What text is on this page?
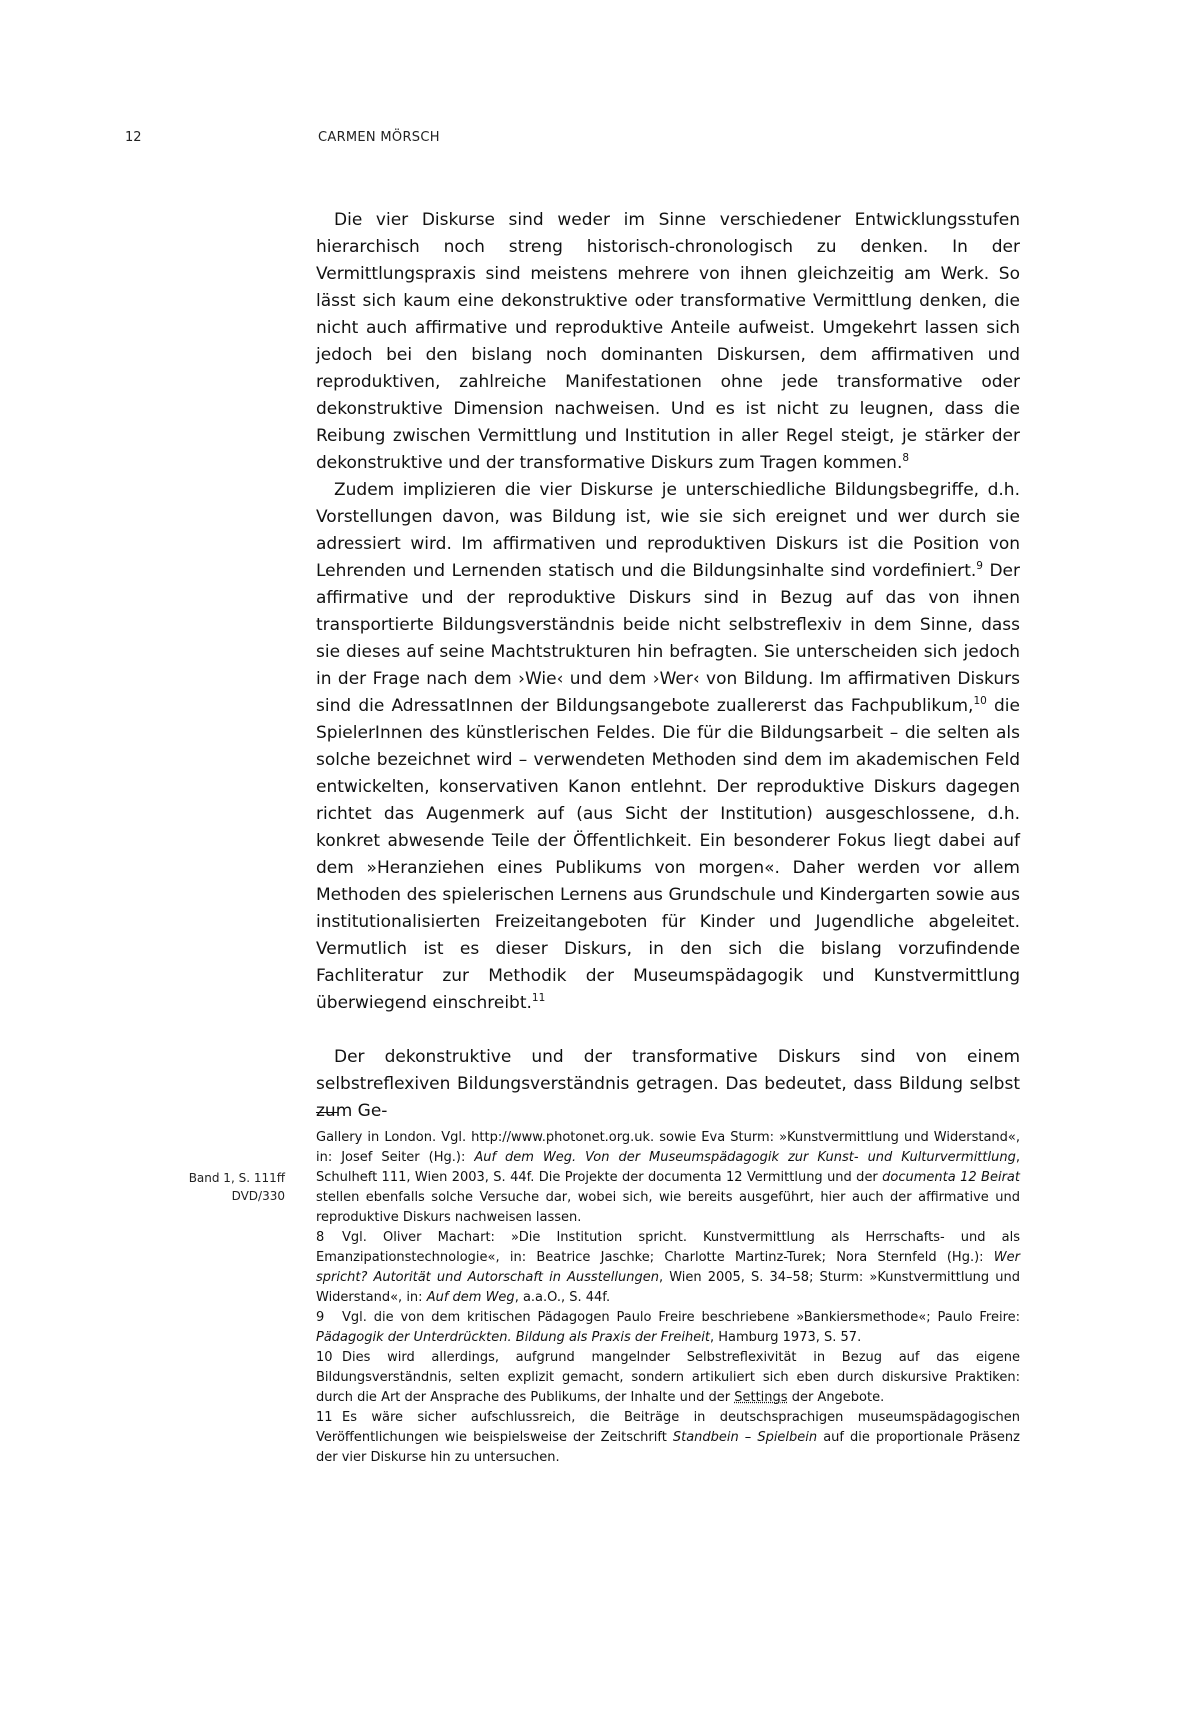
12	CARMEN MÖRSCH

Die vier Diskurse sind weder im Sinne verschiedener Entwicklungsstufen hierarchisch noch streng historisch-chronologisch zu denken. In der Vermittlungspraxis sind meistens mehrere von ihnen gleichzeitig am Werk. So lässt sich kaum eine dekonstruktive oder transformative Vermittlung denken, die nicht auch affirmative und reproduktive Anteile aufweist. Umgekehrt lassen sich jedoch bei den bislang noch dominanten Diskursen, dem affirmativen und reproduktiven, zahlreiche Manifestationen ohne jede transformative oder dekonstruktive Dimension nachweisen. Und es ist nicht zu leugnen, dass die Reibung zwischen Vermittlung und Institution in aller Regel steigt, je stärker der dekonstruktive und der transformative Diskurs zum Tragen kommen.$^8$

Zudem implizieren die vier Diskurse je unterschiedliche Bildungsbegriffe, d.h. Vorstellungen davon, was Bildung ist, wie sie sich ereignet und wer durch sie adressiert wird. Im affirmativen und reproduktiven Diskurs ist die Position von Lehrenden und Lernenden statisch und die Bildungsinhalte sind vordefiniert.$^9$ Der affirmative und der reproduktive Diskurs sind in Bezug auf das von ihnen transportierte Bildungsverständnis beide nicht selbstreflexiv in dem Sinne, dass sie dieses auf seine Machtstrukturen hin befragten. Sie unterscheiden sich jedoch in der Frage nach dem ›Wie‹ und dem ›Wer‹ von Bildung. Im affirmativen Diskurs sind die AdressatInnen der Bildungsangebote zuallererst das Fachpublikum,$^{10}$ die SpielerInnen des künstlerischen Feldes. Die für die Bildungsarbeit – die selten als solche bezeichnet wird – verwendeten Methoden sind dem im akademischen Feld entwickelten, konservativen Kanon entlehnt. Der reproduktive Diskurs dagegen richtet das Augenmerk auf (aus Sicht der Institution) ausgeschlossene, d.h. konkret abwesende Teile der Öffentlichkeit. Ein besonderer Fokus liegt dabei auf dem »Heranziehen eines Publikums von morgen«. Daher werden vor allem Methoden des spielerischen Lernens aus Grundschule und Kindergarten sowie aus institutionalisierten Freizeitangeboten für Kinder und Jugendliche abgeleitet. Vermutlich ist es dieser Diskurs, in den sich die bislang vorzufindende Fachliteratur zur Methodik der Museumspädagogik und Kunstvermittlung überwiegend einschreibt.$^{11}$

Der dekonstruktive und der transformative Diskurs sind von einem selbstreflexiven Bildungsverständnis getragen. Das bedeutet, dass Bildung selbst zum Ge-

Band 1, S. 111ff
DVD/330

Gallery in London. Vgl. http://www.photonet.org.uk. sowie Eva Sturm: »Kunstvermittlung und Widerstand«, in: Josef Seiter (Hg.): Auf dem Weg. Von der Museumspädagogik zur Kunst- und Kulturvermittlung, Schulheft 111, Wien 2003, S. 44f. Die Projekte der documenta 12 Vermittlung und der documenta 12 Beirat stellen ebenfalls solche Versuche dar, wobei sich, wie bereits ausgeführt, hier auch der affirmative und reproduktive Diskurs nachweisen lassen.

8 Vgl. Oliver Machart: »Die Institution spricht. Kunstvermittlung als Herrschafts- und als Emanzipationstechnologie«, in: Beatrice Jaschke; Charlotte Martinz-Turek; Nora Sternfeld (Hg.): Wer spricht? Autorität und Autorschaft in Ausstellungen, Wien 2005, S. 34–58; Sturm: »Kunstvermittlung und Widerstand«, in: Auf dem Weg, a.a.O., S. 44f.

9 Vgl. die von dem kritischen Pädagogen Paulo Freire beschriebene »Bankiersmethode«; Paulo Freire: Pädagogik der Unterdrückten. Bildung als Praxis der Freiheit, Hamburg 1973, S. 57.

10 Dies wird allerdings, aufgrund mangelnder Selbstreflexivität in Bezug auf das eigene Bildungsverständnis, selten explizit gemacht, sondern artikuliert sich eben durch diskursive Praktiken: durch die Art der Ansprache des Publikums, der Inhalte und der Settings der Angebote.

11 Es wäre sicher aufschlussreich, die Beiträge in deutschsprachigen museumspädagogischen Veröffentlichungen wie beispielsweise der Zeitschrift Standbein – Spielbein auf die proportionale Präsenz der vier Diskurse hin zu untersuchen.
